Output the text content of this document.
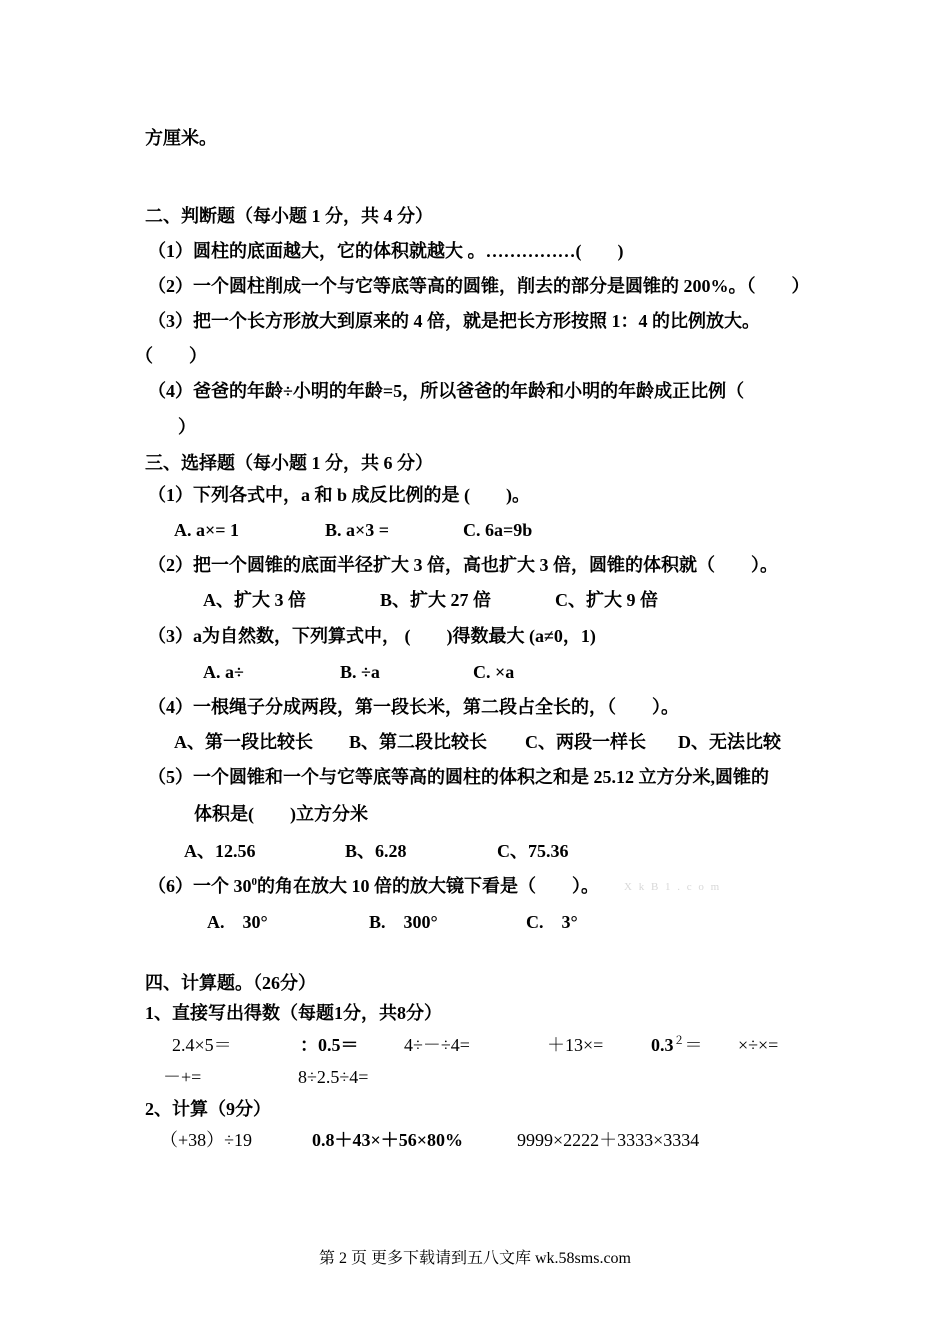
方厘米。
二、判断题（每小题 1 分，共 4 分）
（1）圆柱的底面越大，它的体积就越大 。……………(　　)
（2）一个圆柱削成一个与它等底等高的圆锥，削去的部分是圆锥的 200%。（　　）
（3）把一个长方形放大到原来的 4 倍，就是把长方形按照 1：4 的比例放大。
（　　）
（4）爸爸的年龄÷小明的年龄=5，所以爸爸的年龄和小明的年龄成正比例（
）
三、选择题（每小题 1 分，共 6 分）
（1）下列各式中，a 和 b 成反比例的是 (　　)。
A. a×= 1	B. a×3 =	C. 6a=9b
（2）把一个圆锥的底面半径扩大 3 倍，高也扩大 3 倍，圆锥的体积就（　　）。
A、扩大 3 倍	B、扩大 27 倍	C、扩大 9 倍
（3）a为自然数，下列算式中， (　　)得数最大 (a≠0，1)
A. a÷	B. ÷a	C. ×a
（4）一根绳子分成两段，第一段长米，第二段占全长的，（　　）。
A、第一段比较长 B、第二段比较长 C、两段一样长 D、无法比较
（5）一个圆锥和一个与它等底等高的圆柱的体积之和是 25.12 立方分米,圆锥的
体积是(　　)立方分米
A、12.56	B、6.28	C、75.36
（6）一个 $30^0$的角在放大 10 倍的放大镜下看是（　　）。 X k B 1 . c o m
A.　30°	B.　300°	C.　3°
四、计算题。（26分）
1、直接写出得数（每题1分，共8分）
2.4×5＝	：0.5＝	4÷－÷4=	＋13×=	$0.3^2=$ ×÷×=
－+=	8÷2.5÷4=
2、计算（9分）
（+38）÷19	0.8＋43×＋56×80%	9999×2222＋3333×3334
第 2 页 更多下载请到五八文库 wk.58sms.com
